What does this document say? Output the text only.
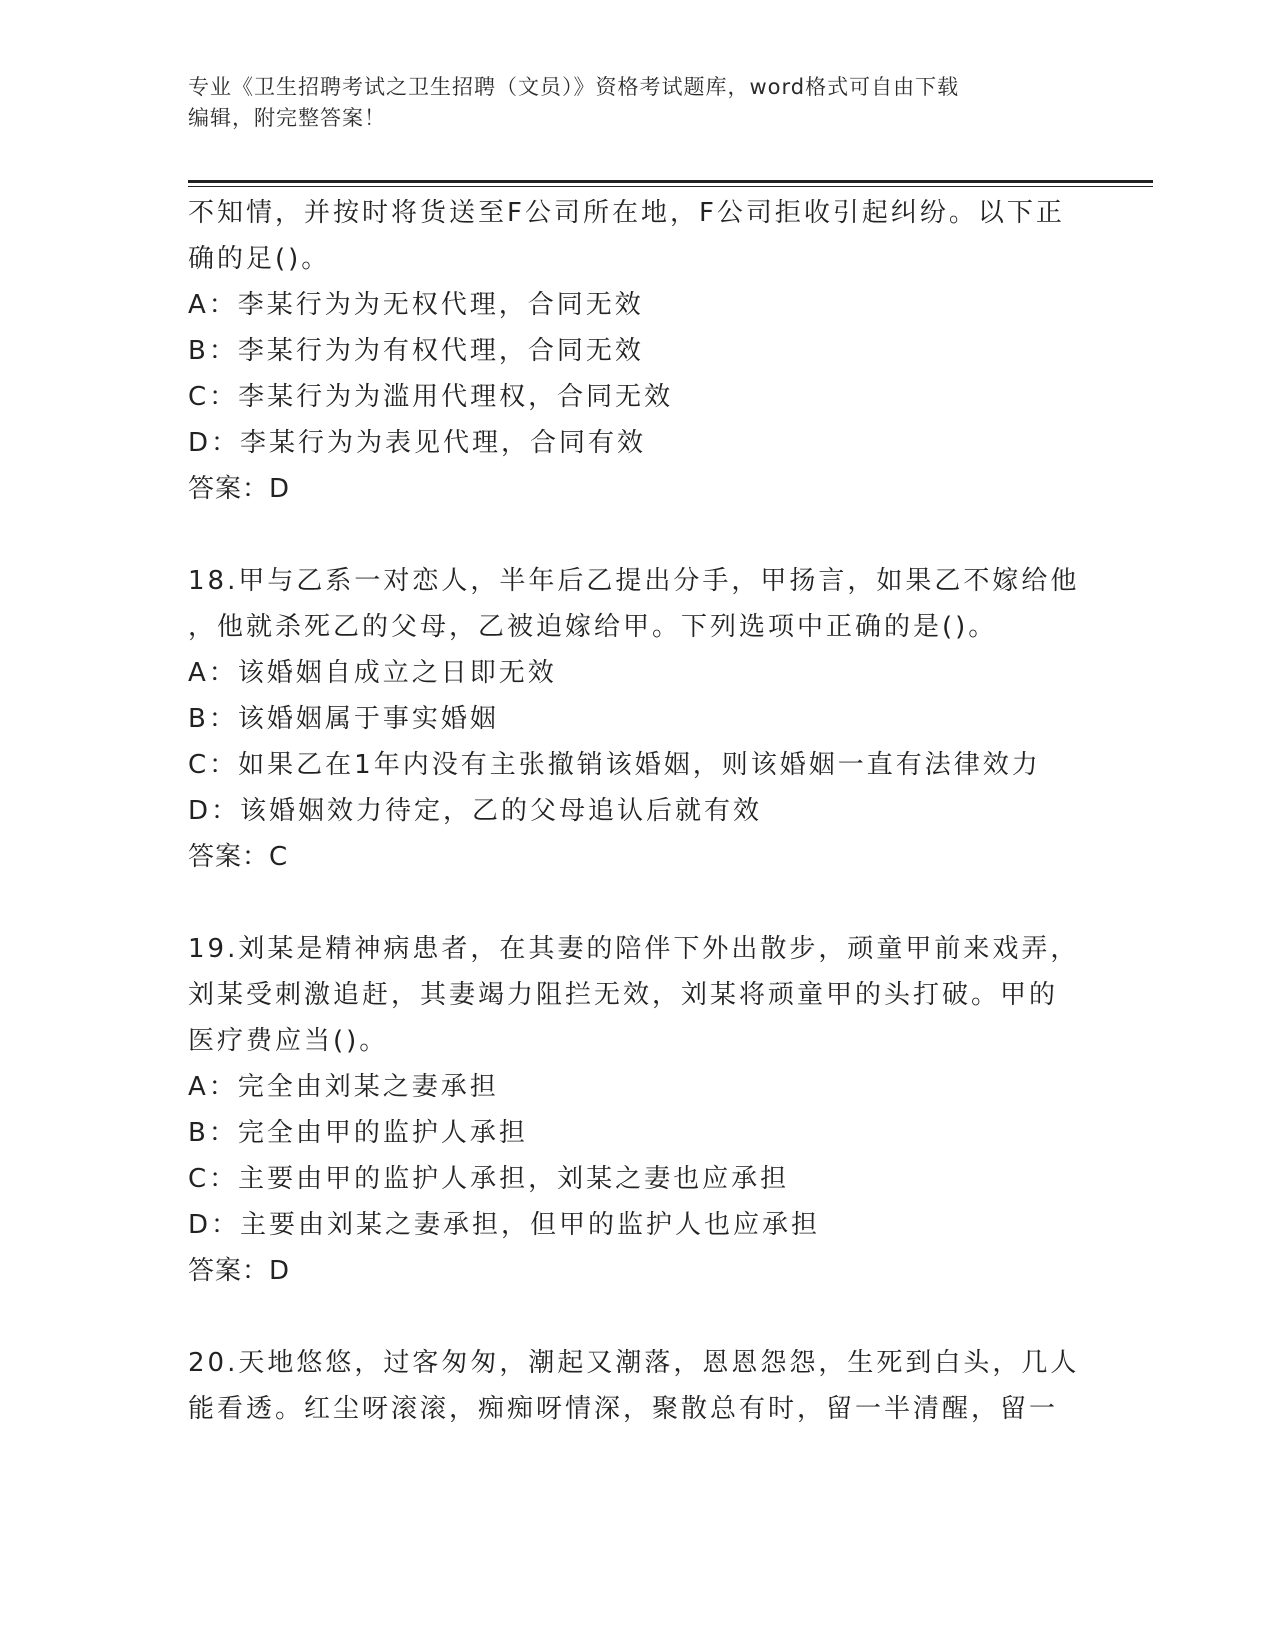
专业《卫生招聘考试之卫生招聘（文员）》资格考试题库，word格式可自由下载
编辑，附完整答案！
不知情，并按时将货送至F公司所在地，F公司拒收引起纠纷。以下正
确的足()。
A：李某行为为无权代理，合同无效
B：李某行为为有权代理，合同无效
C：李某行为为滥用代理权，合同无效
D：李某行为为表见代理，合同有效
答案：D
18.甲与乙系一对恋人，半年后乙提出分手，甲扬言，如果乙不嫁给他
，他就杀死乙的父母，乙被迫嫁给甲。下列选项中正确的是()。
A：该婚姻自成立之日即无效
B：该婚姻属于事实婚姻
C：如果乙在1年内没有主张撤销该婚姻，则该婚姻一直有法律效力
D：该婚姻效力待定，乙的父母追认后就有效
答案：C
19.刘某是精神病患者，在其妻的陪伴下外出散步，顽童甲前来戏弄，
刘某受刺激追赶，其妻竭力阻拦无效，刘某将顽童甲的头打破。甲的
医疗费应当()。
A：完全由刘某之妻承担
B：完全由甲的监护人承担
C：主要由甲的监护人承担，刘某之妻也应承担
D：主要由刘某之妻承担，但甲的监护人也应承担
答案：D
20.天地悠悠，过客匆匆，潮起又潮落，恩恩怨怨，生死到白头，几人
能看透。红尘呀滚滚，痴痴呀情深，聚散总有时，留一半清醒，留一
